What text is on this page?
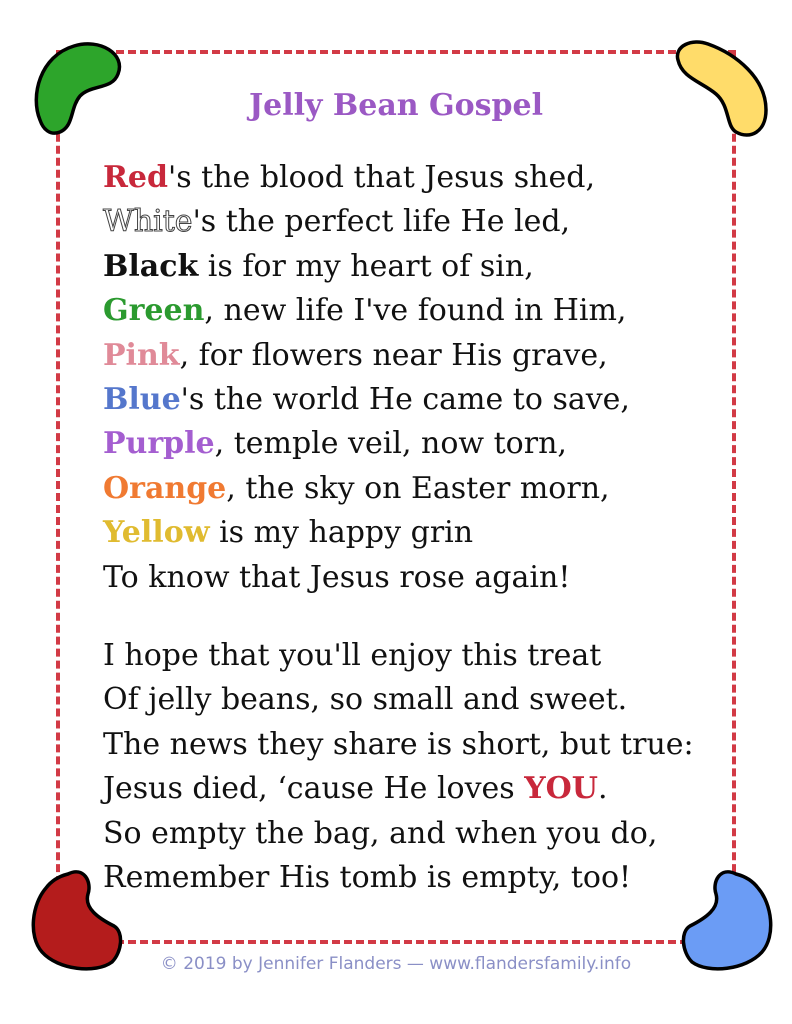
Jelly Bean Gospel
Red's the blood that Jesus shed,
White's the perfect life He led,
Black is for my heart of sin,
Green, new life I've found in Him,
Pink, for flowers near His grave,
Blue's the world He came to save,
Purple, temple veil, now torn,
Orange, the sky on Easter morn,
Yellow is my happy grin
To know that Jesus rose again!
I hope that you'll enjoy this treat
Of jelly beans, so small and sweet.
The news they share is short, but true:
Jesus died, ‘cause He loves YOU.
So empty the bag, and when you do,
Remember His tomb is empty, too!
© 2019 by Jennifer Flanders — www.flandersfamily.info
